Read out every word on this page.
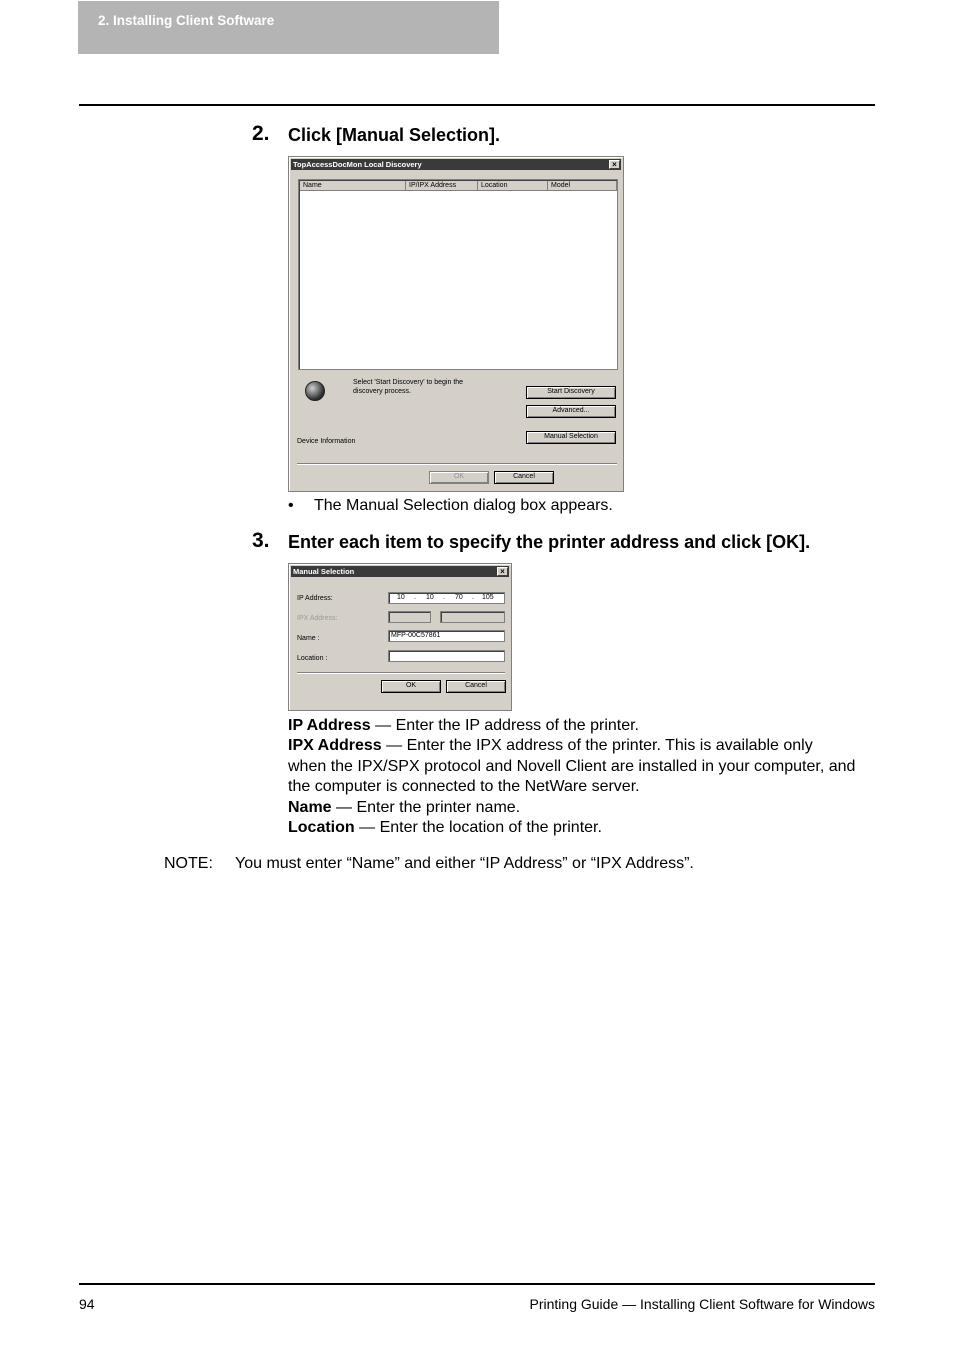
2. Installing Client Software
2. Click [Manual Selection].
TopAccessDocMon Local Discovery	×
Name	IP/IPX Address	Location	Model
Select 'Start Discovery' to begin the
discovery process.	Start Discovery
Advanced...
Manual Selection
Device Information
OK	Cancel
• The Manual Selection dialog box appears.
3. Enter each item to specify the printer address and click [OK].
Manual Selection	×
IP Address:	10 . 10 . 70 . 105
IPX Address:
Name :	MFP-00C57861
Location :
OK	Cancel

IP Address — Enter the IP address of the printer.

IPX Address — Enter the IPX address of the printer. This is available only

when the IPX/SPX protocol and Novell Client are installed in your computer, and

the computer is connected to the NetWare server.

Name — Enter the printer name.

Location — Enter the location of the printer.

NOTE: You must enter “Name” and either “IP Address” or “IPX Address”.
94	Printing Guide — Installing Client Software for Windows
